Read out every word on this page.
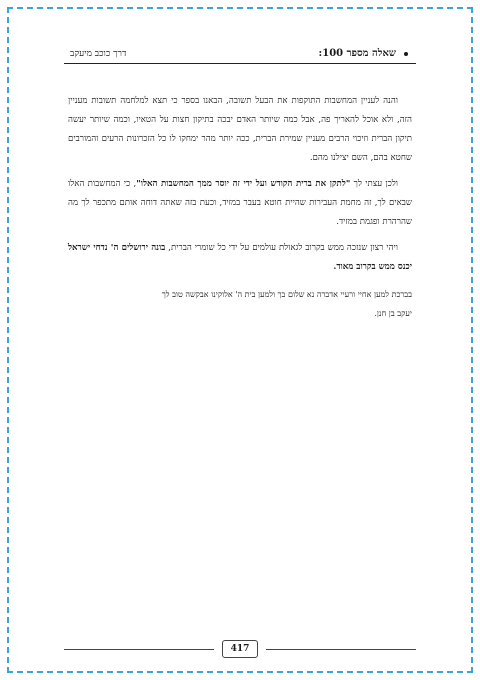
שאלה מספר 100:
דרך כוכב מיעקב

והנה לעניין המחשבות התוקפות את הבעל תשובה, הבאנו בספר כי תצא למלחמה תשובות מעניין הזה, ולא אוכל להאריך פה, אבל כמה שיותר האדם יבכה בתיקון חצות על הטאיו, וכמה שיותר יעשה תיקון הברית וזיכוי הרבים מעניין שמירת הברית, ככה יותר מהר ימחקו לו כל הזכרונות הרעים והמורבים שחטא בהם, השם יצילנו מהם.

ולכן עצתי לך "לתקן את ברית הקודש ועל ידי זה יוסר ממך המחשבות האלו", כי המחשבות האלו שבאים לך, זה מחמת העבירות שהיית חוטא בעבר במזיד, וכעת בזה שאתה דוחה אותם מתכפר לך מה שהרהרת ופגמת במזיד.

ויהי רצון שנזכה ממש בקרוב לגאולת עולמים על ידי כל שומרי הברית, בונה ירושלים ה' נדחי ישראל יכנס ממש בקרוב מאוד.

בברכת למען אחיי ורעיי אדברה נא שלום בך ולמען בית ה' אלוקינו אבקשה טוב לך
יעקב בן חנן.
417
